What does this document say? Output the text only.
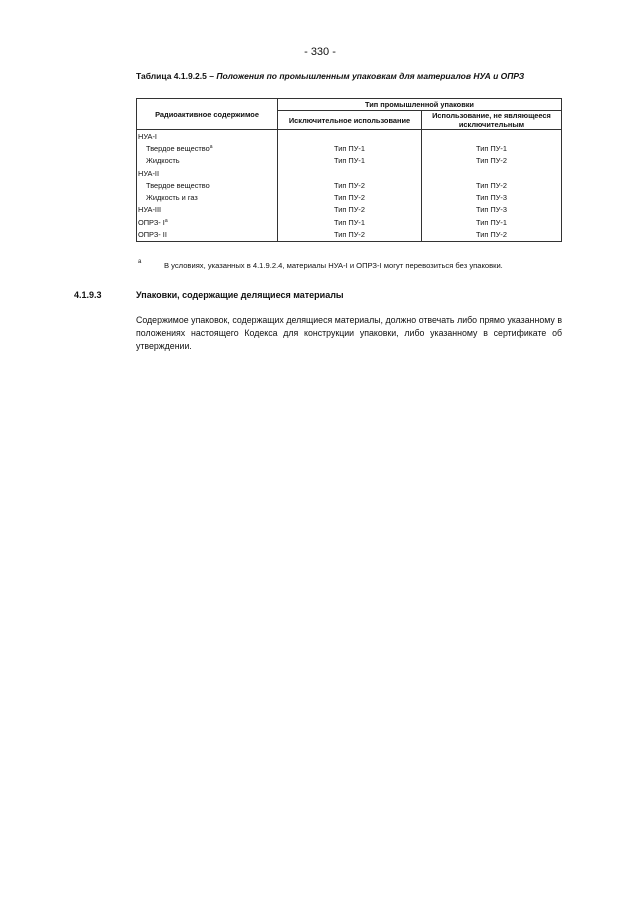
- 330 -
Таблица 4.1.9.2.5 – Положения по промышленным упаковкам для материалов НУА и ОПРЗ
Радиоактивное содержимое	Тип промышленной упаковки	
	Исключительное использование	Использование, не являющееся исключительным
НУА-I		
Твердое вещество$^a$	Тип ПУ-1	Тип ПУ-1
Жидкость	Тип ПУ-1	Тип ПУ-2
НУА-II		
Твердое вещество	Тип ПУ-2	Тип ПУ-2
Жидкость и газ	Тип ПУ-2	Тип ПУ-3
НУА-III	Тип ПУ-2	Тип ПУ-3
ОПРЗ- $I^a$	Тип ПУ-1	Тип ПУ-1
ОПРЗ- II	Тип ПУ-2	Тип ПУ-2
a	В условиях, указанных в 4.1.9.2.4, материалы НУА-I и ОПРЗ-I могут перевозиться без упаковки.
4.1.9.3	Упаковки, содержащие делящиеся материалы
Содержимое упаковок, содержащих делящиеся материалы, должно отвечать либо прямо указанному в положениях настоящего Кодекса для конструкции упаковки, либо указанному в сертификате об утверждении.
